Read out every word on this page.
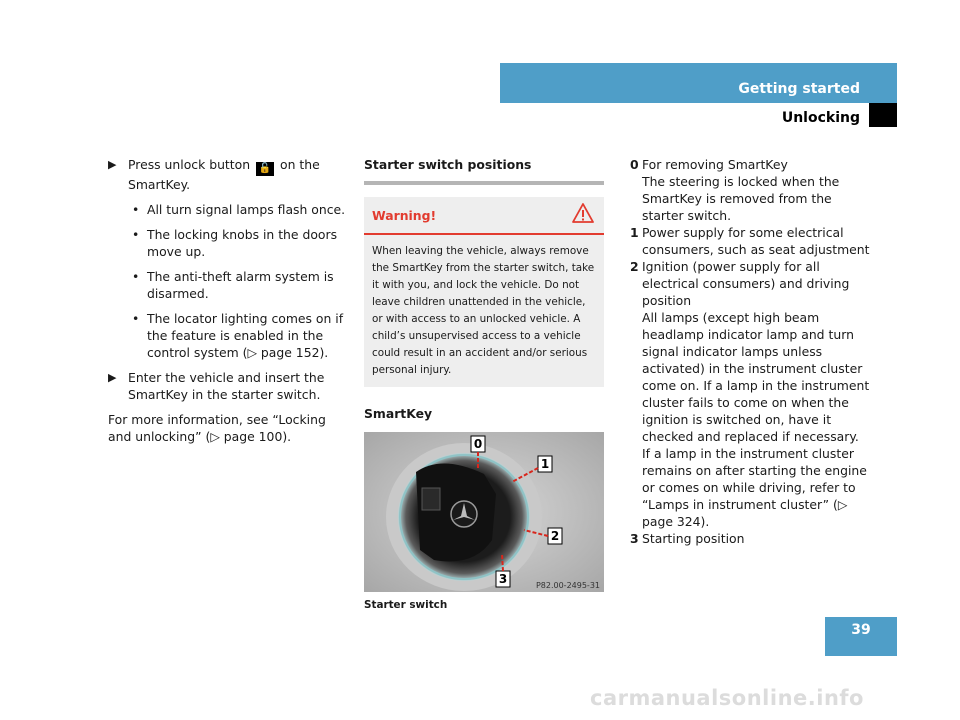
Getting started
Unlocking
▶ Press unlock button 🔓 on the SmartKey.
• All turn signal lamps flash once.
• The locking knobs in the doors move up.
• The anti-theft alarm system is disarmed.
• The locator lighting comes on if the feature is enabled in the control system (▷ page 152).
▶ Enter the vehicle and insert the SmartKey in the starter switch.
For more information, see “Locking and unlocking” (▷ page 100).
Starter switch positions
Warning!
When leaving the vehicle, always remove the SmartKey from the starter switch, take it with you, and lock the vehicle. Do not leave children unattended in the vehicle, or with access to an unlocked vehicle. A child’s unsupervised access to a vehicle could result in an accident and/or serious personal injury.
SmartKey
0
1
2
3	P82.00-2495-31
Starter switch
0 For removing SmartKey
The steering is locked when the SmartKey is removed from the starter switch.
1 Power supply for some electrical consumers, such as seat adjustment
2 Ignition (power supply for all electrical consumers) and driving position
All lamps (except high beam headlamp indicator lamp and turn signal indicator lamps unless activated) in the instrument cluster come on. If a lamp in the instrument cluster fails to come on when the ignition is switched on, have it checked and replaced if necessary. If a lamp in the instrument cluster remains on after starting the engine or comes on while driving, refer to “Lamps in instrument cluster” (▷ page 324).
3 Starting position
39
carmanualsonline.info
